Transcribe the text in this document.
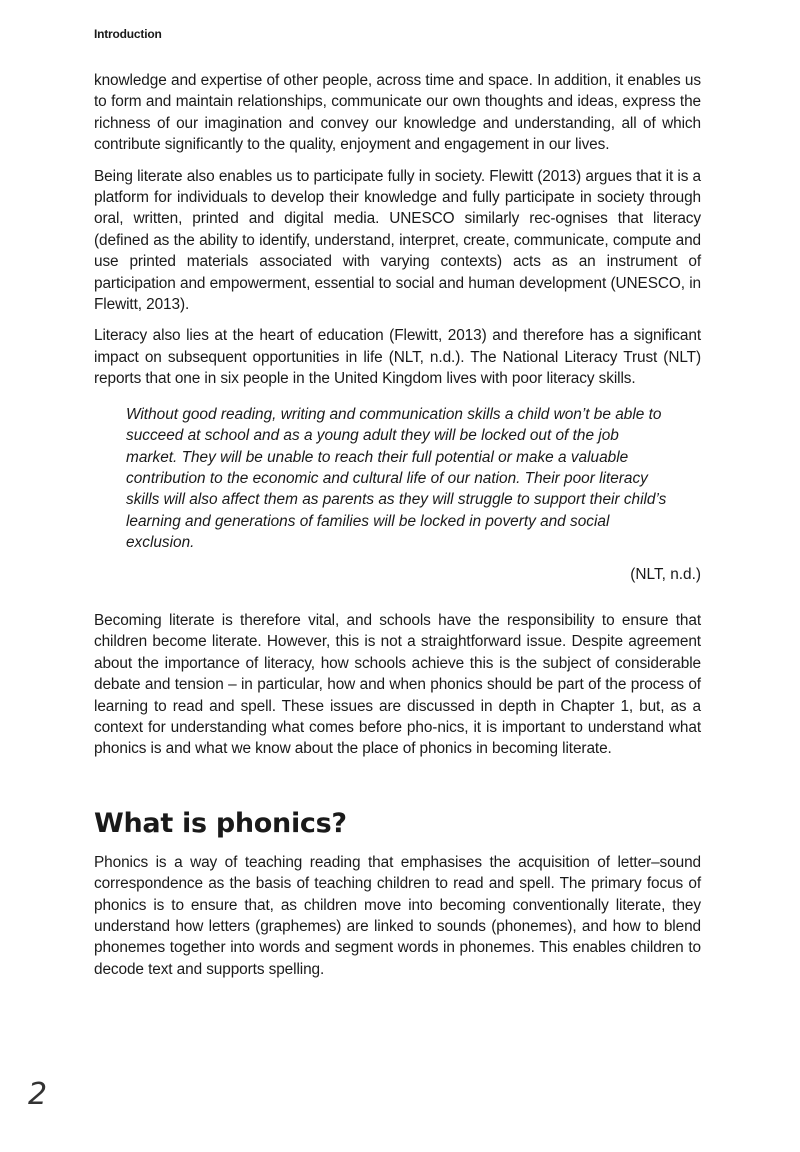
Introduction

knowledge and expertise of other people, across time and space. In addition, it enables us to form and maintain relationships, communicate our own thoughts and ideas, express the richness of our imagination and convey our knowledge and understanding, all of which contribute significantly to the quality, enjoyment and engagement in our lives.

Being literate also enables us to participate fully in society. Flewitt (2013) argues that it is a platform for individuals to develop their knowledge and fully participate in society through oral, written, printed and digital media. UNESCO similarly rec-ognises that literacy (defined as the ability to identify, understand, interpret, create, communicate, compute and use printed materials associated with varying contexts) acts as an instrument of participation and empowerment, essential to social and human development (UNESCO, in Flewitt, 2013).

Literacy also lies at the heart of education (Flewitt, 2013) and therefore has a significant impact on subsequent opportunities in life (NLT, n.d.). The National Literacy Trust (NLT) reports that one in six people in the United Kingdom lives with poor literacy skills.

Without good reading, writing and communication skills a child won’t be able to succeed at school and as a young adult they will be locked out of the job market. They will be unable to reach their full potential or make a valuable contribution to the economic and cultural life of our nation. Their poor literacy skills will also affect them as parents as they will struggle to support their child’s learning and generations of families will be locked in poverty and social exclusion.
(NLT, n.d.)

Becoming literate is therefore vital, and schools have the responsibility to ensure that children become literate. However, this is not a straightforward issue. Despite agreement about the importance of literacy, how schools achieve this is the subject of considerable debate and tension – in particular, how and when phonics should be part of the process of learning to read and spell. These issues are discussed in depth in Chapter 1, but, as a context for understanding what comes before pho-nics, it is important to understand what phonics is and what we know about the place of phonics in becoming literate.

What is phonics?

Phonics is a way of teaching reading that emphasises the acquisition of letter–sound correspondence as the basis of teaching children to read and spell. The primary focus of phonics is to ensure that, as children move into becoming conventionally literate, they understand how letters (graphemes) are linked to sounds (phonemes), and how to blend phonemes together into words and segment words in phonemes. This enables children to decode text and supports spelling.

2
